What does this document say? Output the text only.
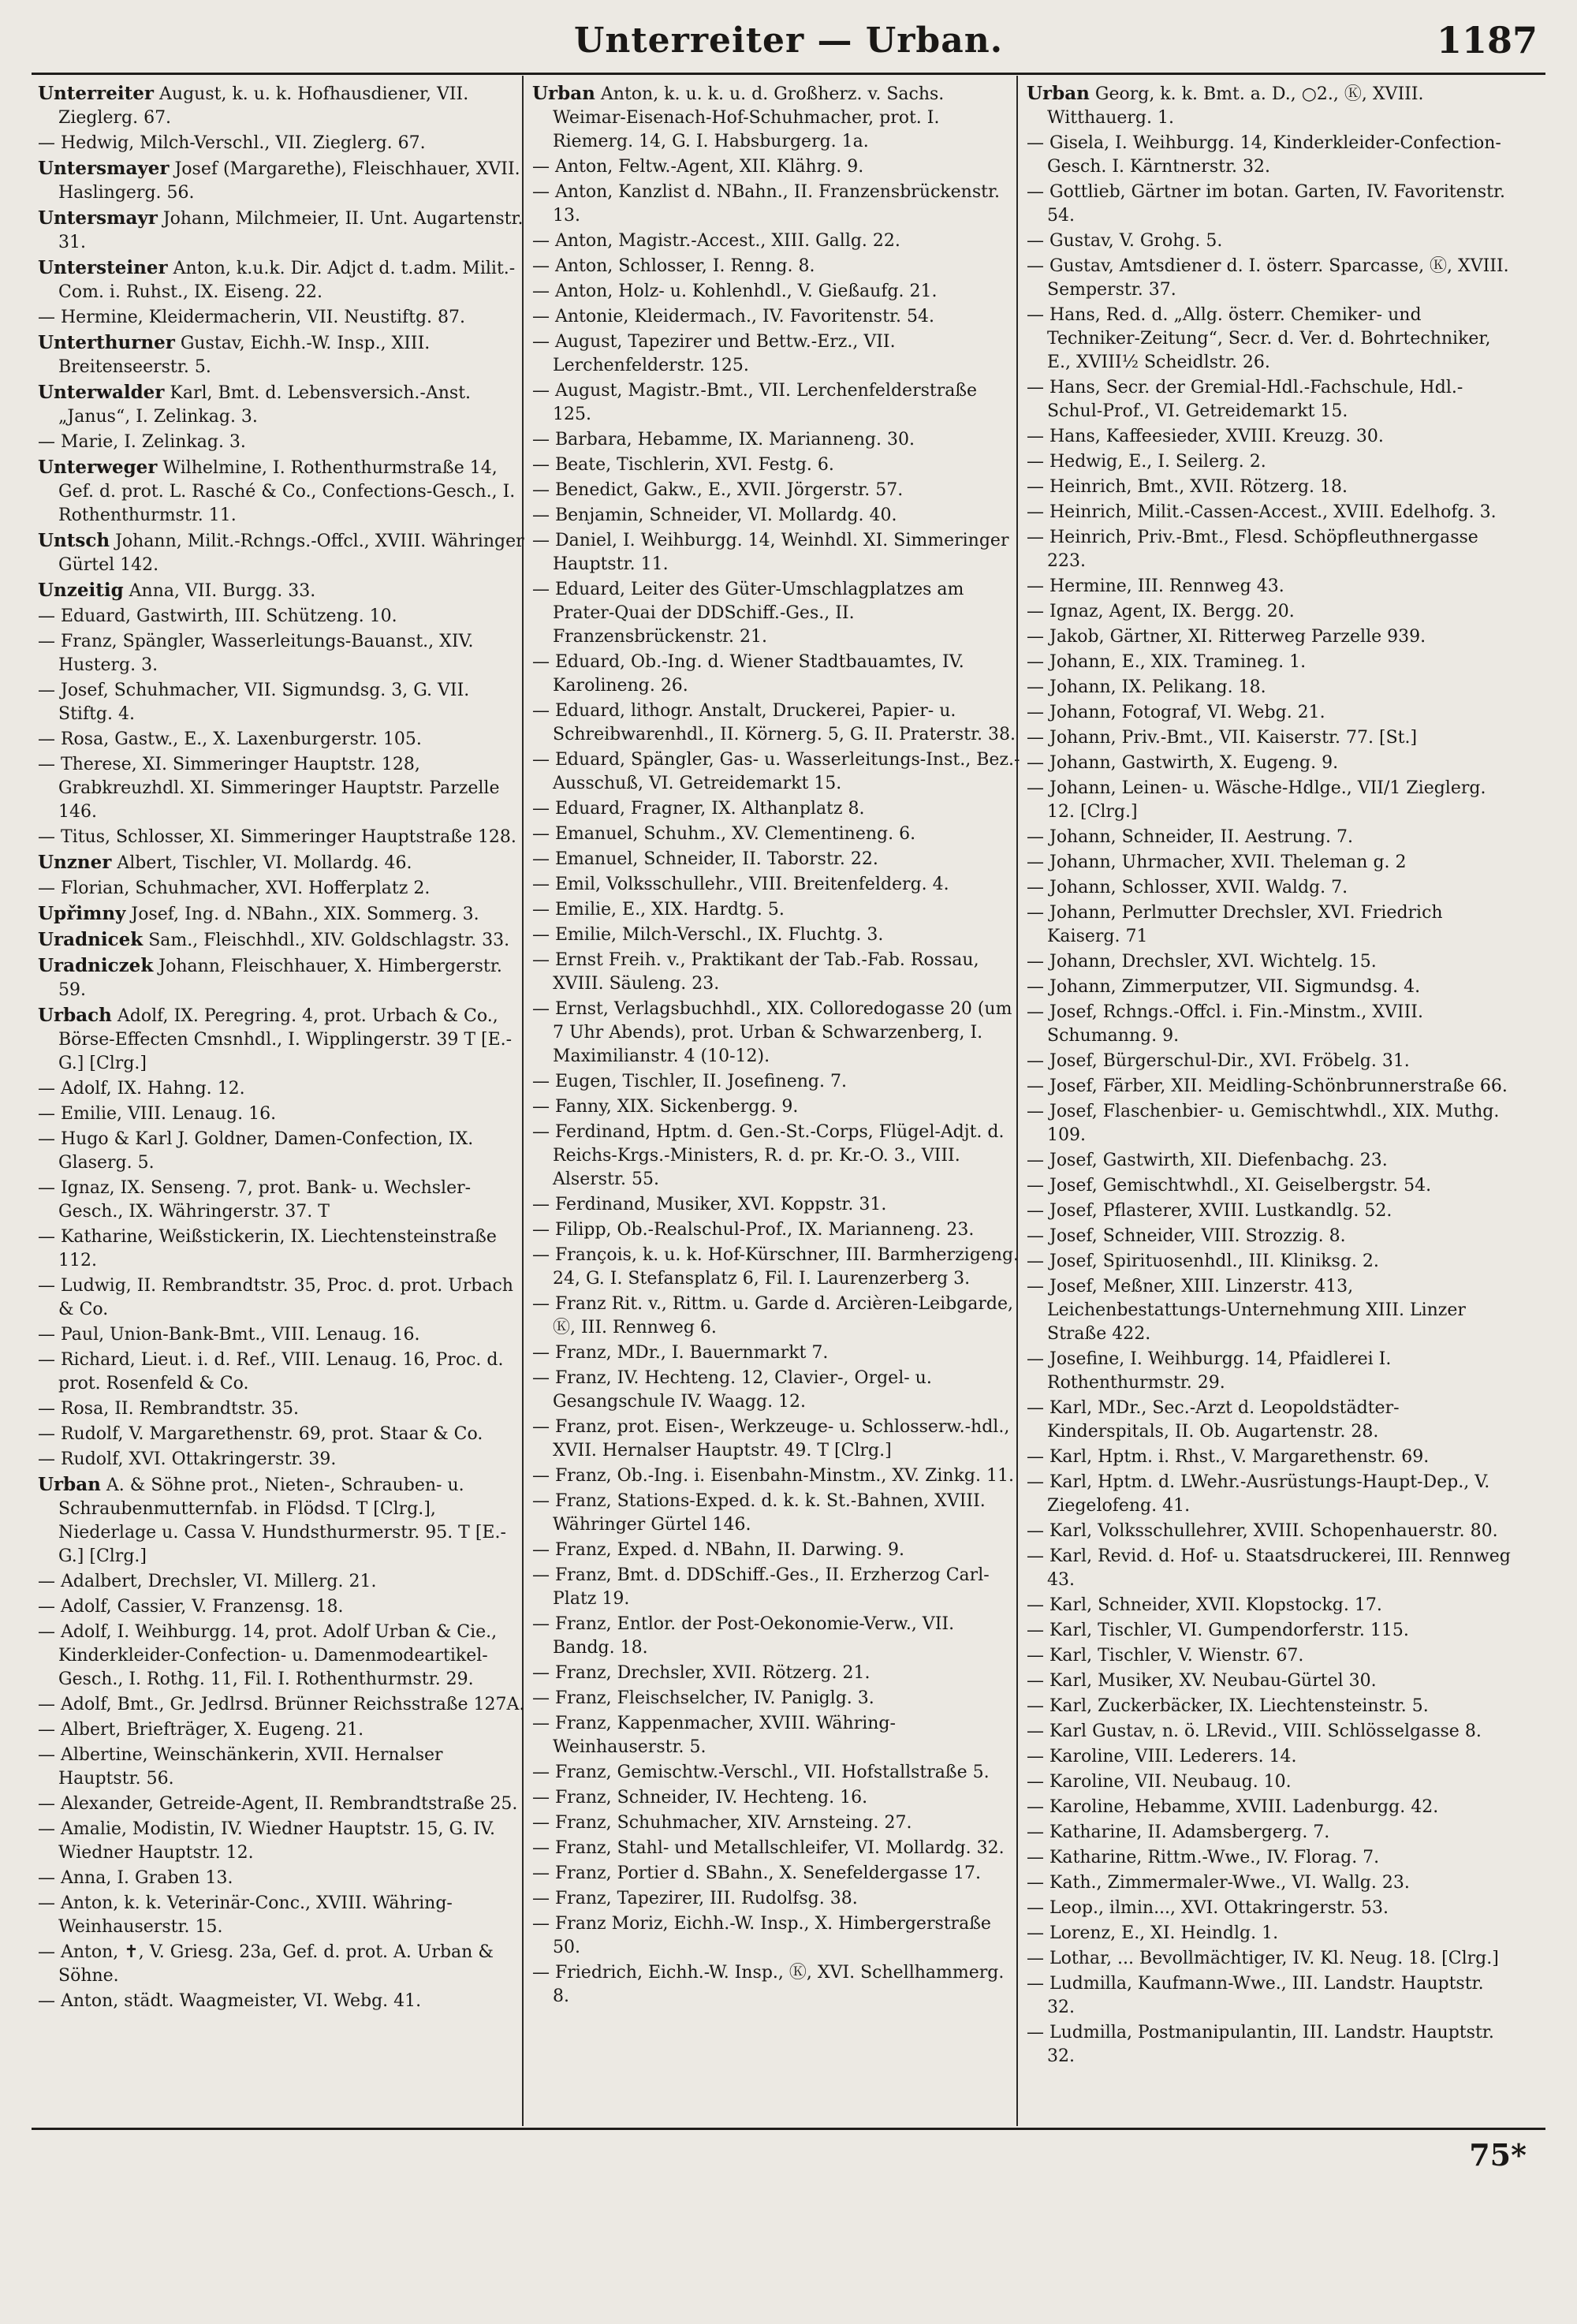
Unterreiter — Urban.	1187
Unterreiter August, k. u. k. Hofhausdiener, VII. Zieglerg. 67.
— Hedwig, Milch-Verschl., VII. Zieglerg. 67.
Untersmayer Josef (Margarethe), Fleischhauer, XVII. Haslingerg. 56.
Untersmayr Johann, Milchmeier, II. Unt. Augartenstr. 31.
Untersteiner Anton, k.u.k. Dir. Adjct d. t.adm. Milit.-Com. i. Ruhst., IX. Eiseng. 22.
— Hermine, Kleidermacherin, VII. Neustiftg. 87.
Unterthurner Gustav, Eichh.-W. Insp., XIII. Breitenseerstr. 5.
Unterwalder Karl, Bmt. d. Lebensversich.-Anst. „Janus“, I. Zelinkag. 3.
— Marie, I. Zelinkag. 3.
Unterweger Wilhelmine, I. Rothenthurmstraße 14, Gef. d. prot. L. Rasché & Co., Confections-Gesch., I. Rothenthurmstr. 11.
Untsch Johann, Milit.-Rchngs.-Offcl., XVIII. Währinger Gürtel 142.
Unzeitig Anna, VII. Burgg. 33.
— Eduard, Gastwirth, III. Schützeng. 10.
— Franz, Spängler, Wasserleitungs-Bauanst., XIV. Husterg. 3.
— Josef, Schuhmacher, VII. Sigmundsg. 3, G. VII. Stiftg. 4.
— Rosa, Gastw., E., X. Laxenburgerstr. 105.
— Therese, XI. Simmeringer Hauptstr. 128, Grabkreuzhdl. XI. Simmeringer Hauptstr. Parzelle 146.
— Titus, Schlosser, XI. Simmeringer Hauptstraße 128.
Unzner Albert, Tischler, VI. Mollardg. 46.
— Florian, Schuhmacher, XVI. Hofferplatz 2.
Upřimny Josef, Ing. d. NBahn., XIX. Sommerg. 3.
Uradnicek Sam., Fleischhdl., XIV. Goldschlagstr. 33.
Uradniczek Johann, Fleischhauer, X. Himbergerstr. 59.
Urbach Adolf, IX. Peregring. 4, prot. Urbach & Co., Börse-Effecten Cmsnhdl., I. Wipplingerstr. 39 T [E.-G.] [Clrg.]
— Adolf, IX. Hahng. 12.
— Emilie, VIII. Lenaug. 16.
— Hugo & Karl J. Goldner, Damen-Confection, IX. Glaserg. 5.
— Ignaz, IX. Senseng. 7, prot. Bank- u. Wechsler-Gesch., IX. Währingerstr. 37. T
— Katharine, Weißstickerin, IX. Liechtensteinstraße 112.
— Ludwig, II. Rembrandtstr. 35, Proc. d. prot. Urbach & Co.
— Paul, Union-Bank-Bmt., VIII. Lenaug. 16.
— Richard, Lieut. i. d. Ref., VIII. Lenaug. 16, Proc. d. prot. Rosenfeld & Co.
— Rosa, II. Rembrandtstr. 35.
— Rudolf, V. Margarethenstr. 69, prot. Staar & Co.
— Rudolf, XVI. Ottakringerstr. 39.
Urban A. & Söhne prot., Nieten-, Schrauben- u. Schraubenmutternfab. in Flödsd. T [Clrg.], Niederlage u. Cassa V. Hundsthurmerstr. 95. T [E.-G.] [Clrg.]
— Adalbert, Drechsler, VI. Millerg. 21.
— Adolf, Cassier, V. Franzensg. 18.
— Adolf, I. Weihburgg. 14, prot. Adolf Urban & Cie., Kinderkleider-Confection- u. Damenmodeartikel-Gesch., I. Rothg. 11, Fil. I. Rothenthurmstr. 29.
— Adolf, Bmt., Gr. Jedlrsd. Brünner Reichsstraße 127A.
— Albert, Briefträger, X. Eugeng. 21.
— Albertine, Weinschänkerin, XVII. Hernalser Hauptstr. 56.
— Alexander, Getreide-Agent, II. Rembrandtstraße 25.
— Amalie, Modistin, IV. Wiedner Hauptstr. 15, G. IV. Wiedner Hauptstr. 12.
— Anna, I. Graben 13.
— Anton, k. k. Veterinär-Conc., XVIII. Währing-Weinhauserstr. 15.
— Anton, ✝, V. Griesg. 23a, Gef. d. prot. A. Urban & Söhne.
— Anton, städt. Waagmeister, VI. Webg. 41.
Urban Anton, k. u. k. u. d. Großherz. v. Sachs. Weimar-Eisenach-Hof-Schuhmacher, prot. I. Riemerg. 14, G. I. Habsburgerg. 1a.
— Anton, Feltw.-Agent, XII. Klährg. 9.
— Anton, Kanzlist d. NBahn., II. Franzensbrückenstr. 13.
— Anton, Magistr.-Accest., XIII. Gallg. 22.
— Anton, Schlosser, I. Renng. 8.
— Anton, Holz- u. Kohlenhdl., V. Gießaufg. 21.
— Antonie, Kleidermach., IV. Favoritenstr. 54.
— August, Tapezirer und Bettw.-Erz., VII. Lerchenfelderstr. 125.
— August, Magistr.-Bmt., VII. Lerchenfelderstraße 125.
— Barbara, Hebamme, IX. Marianneng. 30.
— Beate, Tischlerin, XVI. Festg. 6.
— Benedict, Gakw., E., XVII. Jörgerstr. 57.
— Benjamin, Schneider, VI. Mollardg. 40.
— Daniel, I. Weihburgg. 14, Weinhdl. XI. Simmeringer Hauptstr. 11.
— Eduard, Leiter des Güter-Umschlagplatzes am Prater-Quai der DDSchiff.-Ges., II. Franzensbrückenstr. 21.
— Eduard, Ob.-Ing. d. Wiener Stadtbauamtes, IV. Karolineng. 26.
— Eduard, lithogr. Anstalt, Druckerei, Papier- u. Schreibwarenhdl., II. Körnerg. 5, G. II. Praterstr. 38.
— Eduard, Spängler, Gas- u. Wasserleitungs-Inst., Bez.-Ausschuß, VI. Getreidemarkt 15.
— Eduard, Fragner, IX. Althanplatz 8.
— Emanuel, Schuhm., XV. Clementineng. 6.
— Emanuel, Schneider, II. Taborstr. 22.
— Emil, Volksschullehr., VIII. Breitenfelderg. 4.
— Emilie, E., XIX. Hardtg. 5.
— Emilie, Milch-Verschl., IX. Fluchtg. 3.
— Ernst Freih. v., Praktikant der Tab.-Fab. Rossau, XVIII. Säuleng. 23.
— Ernst, Verlagsbuchhdl., XIX. Colloredogasse 20 (um 7 Uhr Abends), prot. Urban & Schwarzenberg, I. Maximilianstr. 4 (10-12).
— Eugen, Tischler, II. Josefineng. 7.
— Fanny, XIX. Sickenbergg. 9.
— Ferdinand, Hptm. d. Gen.-St.-Corps, Flügel-Adjt. d. Reichs-Krgs.-Ministers, R. d. pr. Kr.-O. 3., VIII. Alserstr. 55.
— Ferdinand, Musiker, XVI. Koppstr. 31.
— Filipp, Ob.-Realschul-Prof., IX. Marianneng. 23.
— François, k. u. k. Hof-Kürschner, III. Barmherzigeng. 24, G. I. Stefansplatz 6, Fil. I. Laurenzerberg 3.
— Franz Rit. v., Rittm. u. Garde d. Arcièren-Leibgarde, Ⓚ, III. Rennweg 6.
— Franz, MDr., I. Bauernmarkt 7.
— Franz, IV. Hechteng. 12, Clavier-, Orgel- u. Gesangschule IV. Waagg. 12.
— Franz, prot. Eisen-, Werkzeuge- u. Schlosserw.-hdl., XVII. Hernalser Hauptstr. 49. T [Clrg.]
— Franz, Ob.-Ing. i. Eisenbahn-Minstm., XV. Zinkg. 11.
— Franz, Stations-Exped. d. k. k. St.-Bahnen, XVIII. Währinger Gürtel 146.
— Franz, Exped. d. NBahn, II. Darwing. 9.
— Franz, Bmt. d. DDSchiff.-Ges., II. Erzherzog Carl-Platz 19.
— Franz, Entlor. der Post-Oekonomie-Verw., VII. Bandg. 18.
— Franz, Drechsler, XVII. Rötzerg. 21.
— Franz, Fleischselcher, IV. Paniglg. 3.
— Franz, Kappenmacher, XVIII. Währing-Weinhauserstr. 5.
— Franz, Gemischtw.-Verschl., VII. Hofstallstraße 5.
— Franz, Schneider, IV. Hechteng. 16.
— Franz, Schuhmacher, XIV. Arnsteing. 27.
— Franz, Stahl- und Metallschleifer, VI. Mollardg. 32.
— Franz, Portier d. SBahn., X. Senefeldergasse 17.
— Franz, Tapezirer, III. Rudolfsg. 38.
— Franz Moriz, Eichh.-W. Insp., X. Himbergerstraße 50.
— Friedrich, Eichh.-W. Insp., Ⓚ, XVI. Schellhammerg. 8.
Urban Georg, k. k. Bmt. a. D., ○2., Ⓚ, XVIII. Witthauerg. 1.
— Gisela, I. Weihburgg. 14, Kinderkleider-Confection-Gesch. I. Kärntnerstr. 32.
— Gottlieb, Gärtner im botan. Garten, IV. Favoritenstr. 54.
— Gustav, V. Grohg. 5.
— Gustav, Amtsdiener d. I. österr. Sparcasse, Ⓚ, XVIII. Semperstr. 37.
— Hans, Red. d. „Allg. österr. Chemiker- und Techniker-Zeitung“, Secr. d. Ver. d. Bohrtechniker, E., XVIII½ Scheidlstr. 26.
— Hans, Secr. der Gremial-Hdl.-Fachschule, Hdl.-Schul-Prof., VI. Getreidemarkt 15.
— Hans, Kaffeesieder, XVIII. Kreuzg. 30.
— Hedwig, E., I. Seilerg. 2.
— Heinrich, Bmt., XVII. Rötzerg. 18.
— Heinrich, Milit.-Cassen-Accest., XVIII. Edelhofg. 3.
— Heinrich, Priv.-Bmt., Flesd. Schöpfleuthnergasse 223.
— Hermine, III. Rennweg 43.
— Ignaz, Agent, IX. Bergg. 20.
— Jakob, Gärtner, XI. Ritterweg Parzelle 939.
— Johann, E., XIX. Tramineg. 1.
— Johann, IX. Pelikang. 18.
— Johann, Fotograf, VI. Webg. 21.
— Johann, Priv.-Bmt., VII. Kaiserstr. 77. [St.]
— Johann, Gastwirth, X. Eugeng. 9.
— Johann, Leinen- u. Wäsche-Hdlge., VII/1 Zieglerg. 12. [Clrg.]
— Johann, Schneider, II. Aestrung. 7.
— Johann, Uhrmacher, XVII. Theleman g. 2
— Johann, Schlosser, XVII. Waldg. 7.
— Johann, Perlmutter Drechsler, XVI. Friedrich Kaiserg. 71
— Johann, Drechsler, XVI. Wichtelg. 15.
— Johann, Zimmerputzer, VII. Sigmundsg. 4.
— Josef, Rchngs.-Offcl. i. Fin.-Minstm., XVIII. Schumanng. 9.
— Josef, Bürgerschul-Dir., XVI. Fröbelg. 31.
— Josef, Färber, XII. Meidling-Schönbrunnerstraße 66.
— Josef, Flaschenbier- u. Gemischtwhdl., XIX. Muthg. 109.
— Josef, Gastwirth, XII. Diefenbachg. 23.
— Josef, Gemischtwhdl., XI. Geiselbergstr. 54.
— Josef, Pflasterer, XVIII. Lustkandlg. 52.
— Josef, Schneider, VIII. Strozzig. 8.
— Josef, Spirituosenhdl., III. Kliniksg. 2.
— Josef, Meßner, XIII. Linzerstr. 413, Leichenbestattungs-Unternehmung XIII. Linzer Straße 422.
— Josefine, I. Weihburgg. 14, Pfaidlerei I. Rothenthurmstr. 29.
— Karl, MDr., Sec.-Arzt d. Leopoldstädter-Kinderspitals, II. Ob. Augartenstr. 28.
— Karl, Hptm. i. Rhst., V. Margarethenstr. 69.
— Karl, Hptm. d. LWehr.-Ausrüstungs-Haupt-Dep., V. Ziegelofeng. 41.
— Karl, Volksschullehrer, XVIII. Schopenhauerstr. 80.
— Karl, Revid. d. Hof- u. Staatsdruckerei, III. Rennweg 43.
— Karl, Schneider, XVII. Klopstockg. 17.
— Karl, Tischler, VI. Gumpendorferstr. 115.
— Karl, Tischler, V. Wienstr. 67.
— Karl, Musiker, XV. Neubau-Gürtel 30.
— Karl, Zuckerbäcker, IX. Liechtensteinstr. 5.
— Karl Gustav, n. ö. LRevid., VIII. Schlösselgasse 8.
— Karoline, VIII. Lederers. 14.
— Karoline, VII. Neubaug. 10.
— Karoline, Hebamme, XVIII. Ladenburgg. 42.
— Katharine, II. Adamsbergerg. 7.
— Katharine, Rittm.-Wwe., IV. Florag. 7.
— Kath., Zimmermaler-Wwe., VI. Wallg. 23.
— Leop., ilmin..., XVI. Ottakringerstr. 53.
— Lorenz, E., XI. Heindlg. 1.
— Lothar, ... Bevollmächtiger, IV. Kl. Neug. 18. [Clrg.]
— Ludmilla, Kaufmann-Wwe., III. Landstr. Hauptstr. 32.
— Ludmilla, Postmanipulantin, III. Landstr. Hauptstr. 32.
75*
